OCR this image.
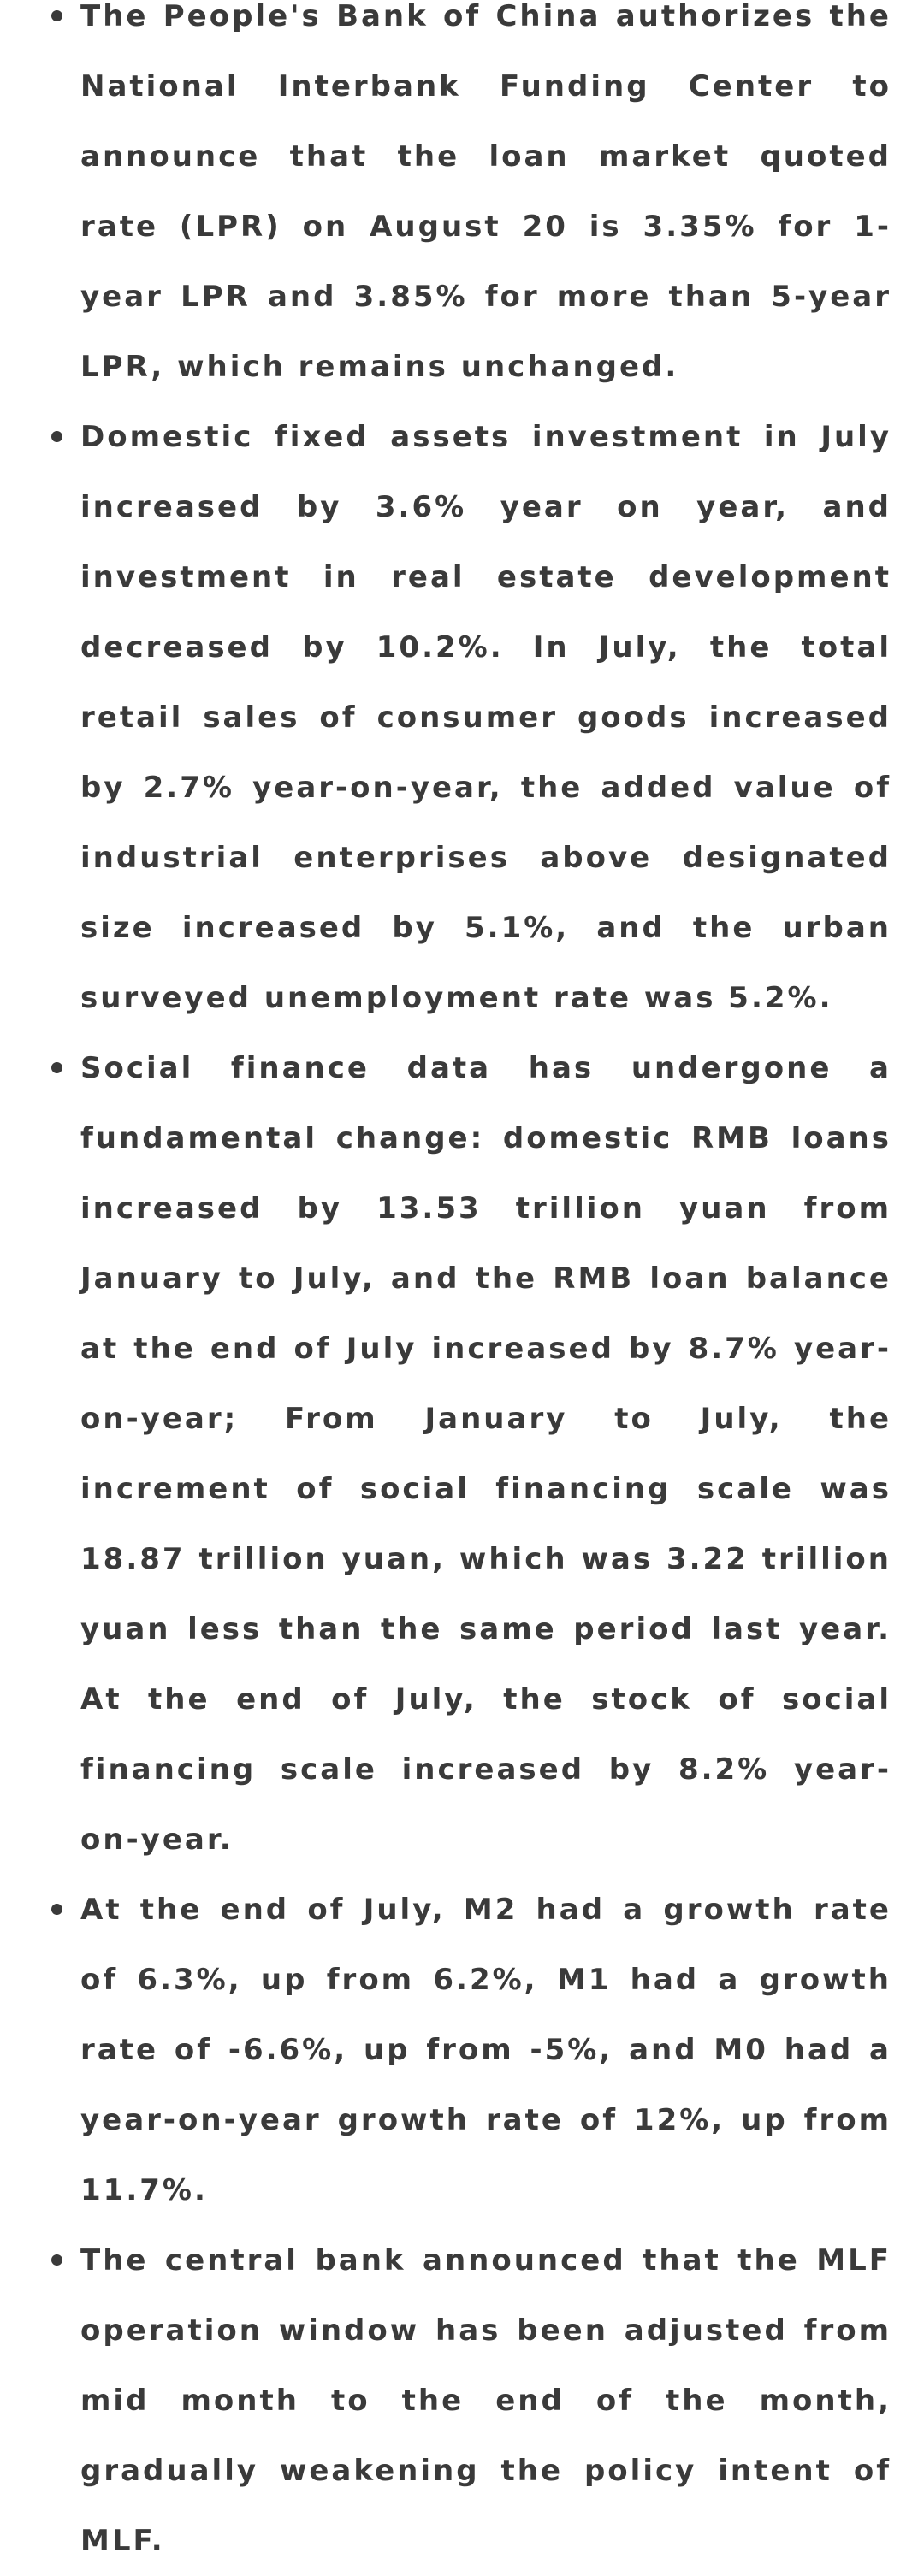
The People's Bank of China authorizes the National Interbank Funding Center to announce that the loan market quoted rate (LPR) on August 20 is 3.35% for 1-year LPR and 3.85% for more than 5-year LPR, which remains unchanged.
Domestic fixed assets investment in July increased by 3.6% year on year, and investment in real estate development decreased by 10.2%. In July, the total retail sales of consumer goods increased by 2.7% year-on-year, the added value of industrial enterprises above designated size increased by 5.1%, and the urban surveyed unemployment rate was 5.2%.
Social finance data has undergone a fundamental change: domestic RMB loans increased by 13.53 trillion yuan from January to July, and the RMB loan balance at the end of July increased by 8.7% year-on-year; From January to July, the increment of social financing scale was 18.87 trillion yuan, which was 3.22 trillion yuan less than the same period last year. At the end of July, the stock of social financing scale increased by 8.2% year-on-year.
At the end of July, M2 had a growth rate of 6.3%, up from 6.2%, M1 had a growth rate of -6.6%, up from -5%, and M0 had a year-on-year growth rate of 12%, up from 11.7%.
The central bank announced that the MLF operation window has been adjusted from mid month to the end of the month, gradually weakening the policy intent of MLF.
